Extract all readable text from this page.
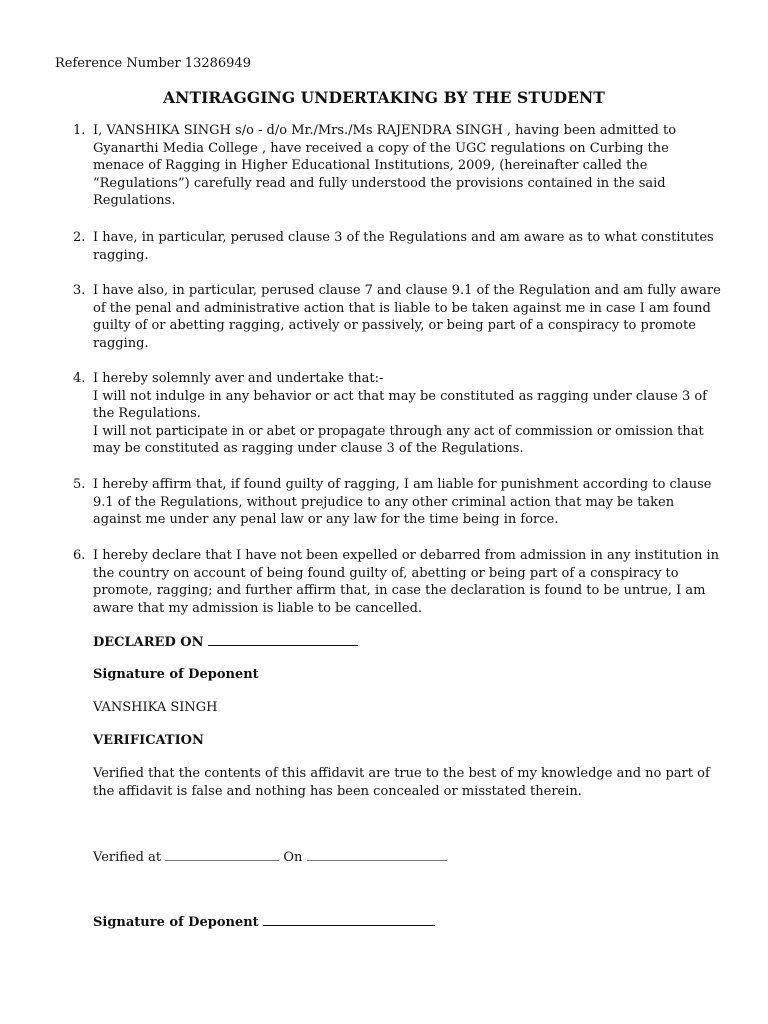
Reference Number 13286949
ANTIRAGGING UNDERTAKING BY THE STUDENT
1. I, VANSHIKA SINGH s/o - d/o Mr./Mrs./Ms RAJENDRA SINGH , having been admitted to
Gyanarthi Media College , have received a copy of the UGC regulations on Curbing the
menace of Ragging in Higher Educational Institutions, 2009, (hereinafter called the
“Regulations”) carefully read and fully understood the provisions contained in the said
Regulations.
2. I have, in particular, perused clause 3 of the Regulations and am aware as to what constitutes
ragging.
3. I have also, in particular, perused clause 7 and clause 9.1 of the Regulation and am fully aware
of the penal and administrative action that is liable to be taken against me in case I am found
guilty of or abetting ragging, actively or passively, or being part of a conspiracy to promote
ragging.
4. I hereby solemnly aver and undertake that:-
I will not indulge in any behavior or act that may be constituted as ragging under clause 3 of
the Regulations.
I will not participate in or abet or propagate through any act of commission or omission that
may be constituted as ragging under clause 3 of the Regulations.
5. I hereby affirm that, if found guilty of ragging, I am liable for punishment according to clause
9.1 of the Regulations, without prejudice to any other criminal action that may be taken
against me under any penal law or any law for the time being in force.
6. I hereby declare that I have not been expelled or debarred from admission in any institution in
the country on account of being found guilty of, abetting or being part of a conspiracy to
promote, ragging; and further affirm that, in case the declaration is found to be untrue, I am
aware that my admission is liable to be cancelled.
DECLARED ON
Signature of Deponent
VANSHIKA SINGH
VERIFICATION
Verified that the contents of this affidavit are true to the best of my knowledge and no part of
the affidavit is false and nothing has been concealed or misstated therein.
Verified at	On
Signature of Deponent
